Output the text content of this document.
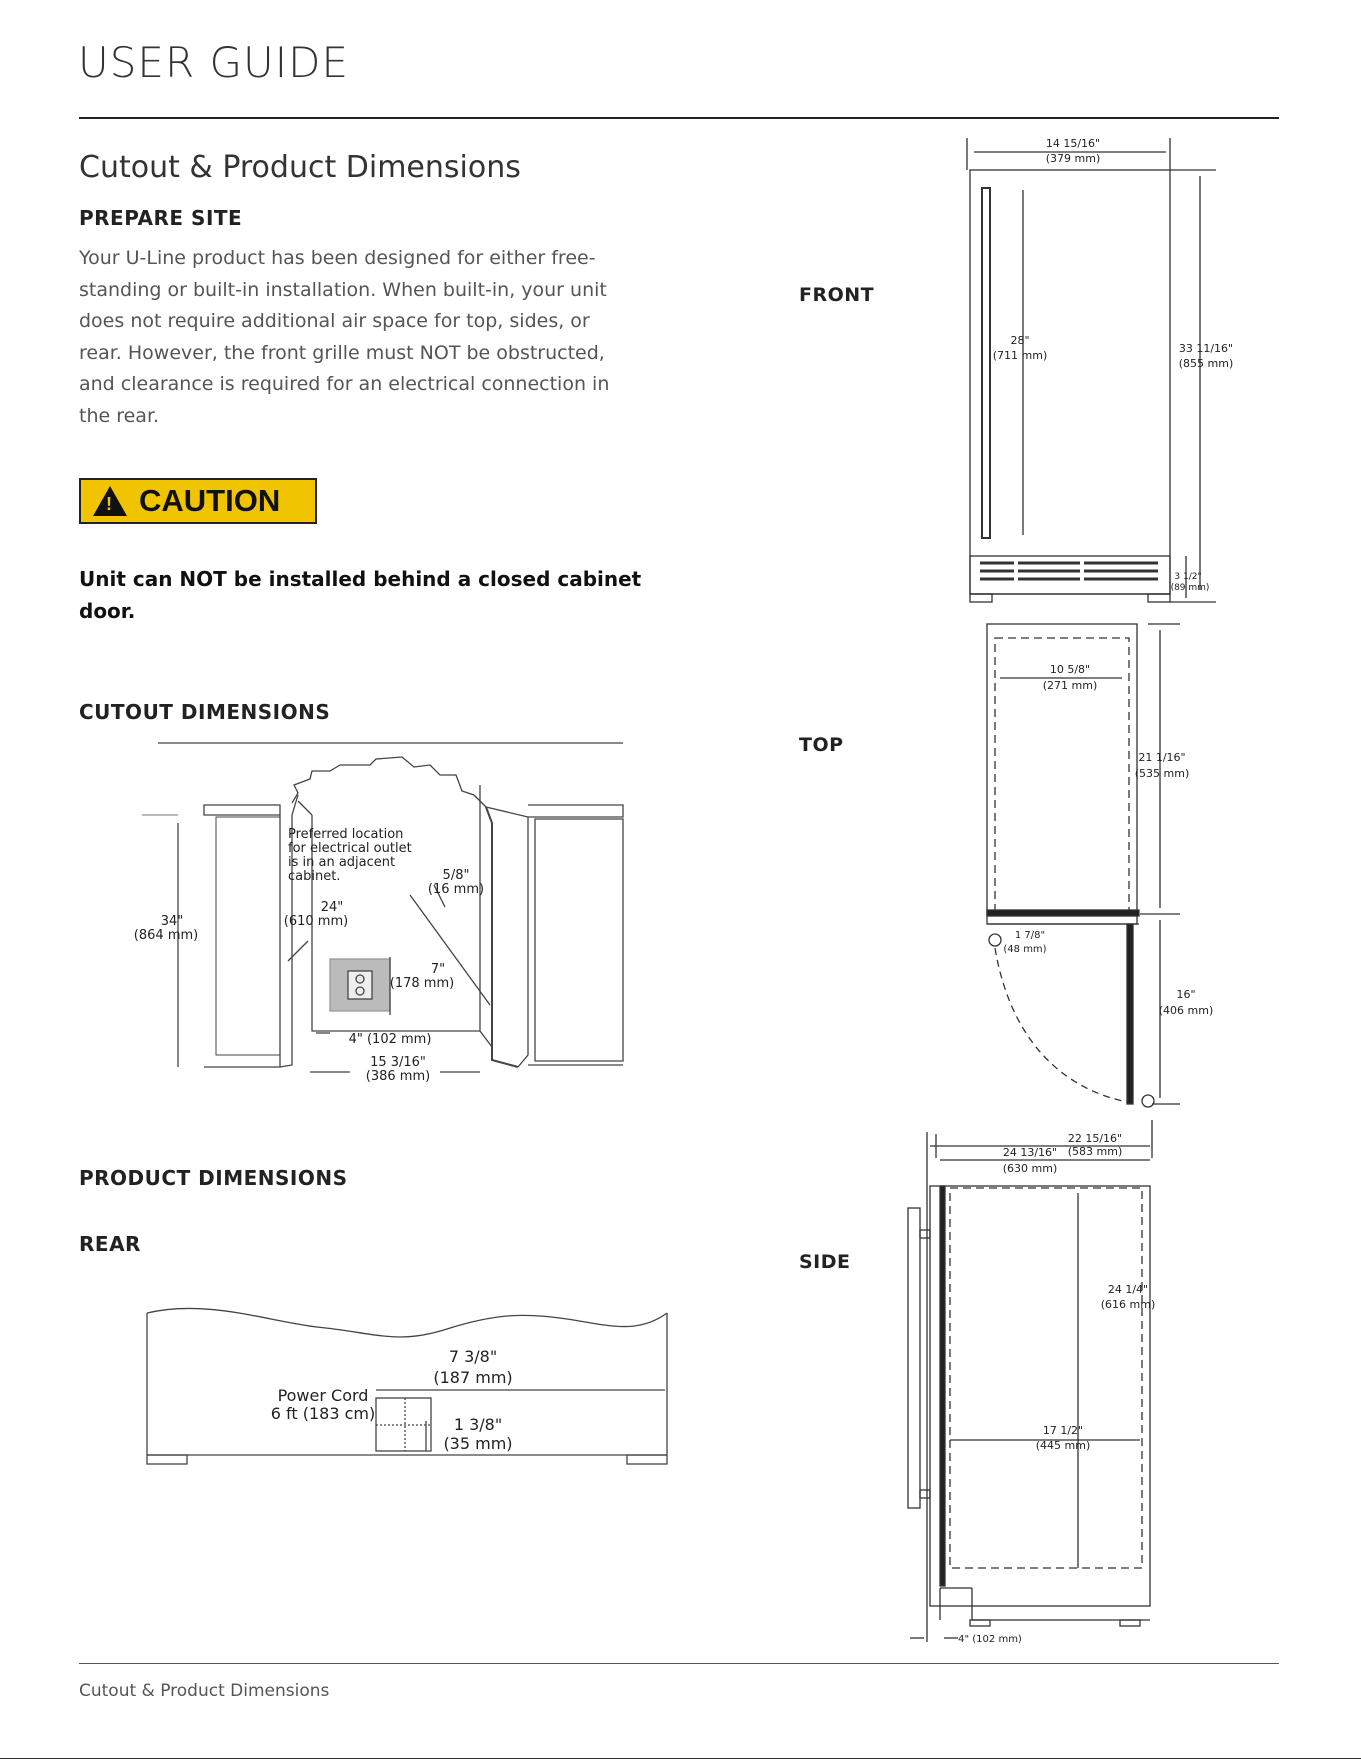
USER GUIDE
Cutout & Product Dimensions
PREPARE SITE
Your U-Line product has been designed for either free-standing or built-in installation. When built-in, your unit does not require additional air space for top, sides, or rear. However, the front grille must NOT be obstructed, and clearance is required for an electrical connection in the rear.
! CAUTION
Unit can NOT be installed behind a closed cabinet door.
CUTOUT DIMENSIONS
Preferred location
for electrical outlet
is in an adjacent
cabinet.
34"
(864 mm)
24"
(610 mm)
5/8"
(16 mm)
7"
(178 mm)
4" (102 mm)
15 3/16"
(386 mm)
PRODUCT DIMENSIONS
REAR
Power Cord
6 ft (183 cm)
7 3/8"
(187 mm)
1 3/8"
(35 mm)
FRONT
TOP
SIDE
14 15/16"
(379 mm)
28"
(711 mm)
33 11/16"
(855 mm)
3 1/2"
(89 mm)
10 5/8"
(271 mm)
21 1/16"
(535 mm)
1 7/8"
(48 mm)
16"
(406 mm)
22 15/16"
(583 mm)
24 13/16"
(630 mm)
24 1/4"
(616 mm)
17 1/2"
(445 mm)
4" (102 mm)
Cutout & Product Dimensions
